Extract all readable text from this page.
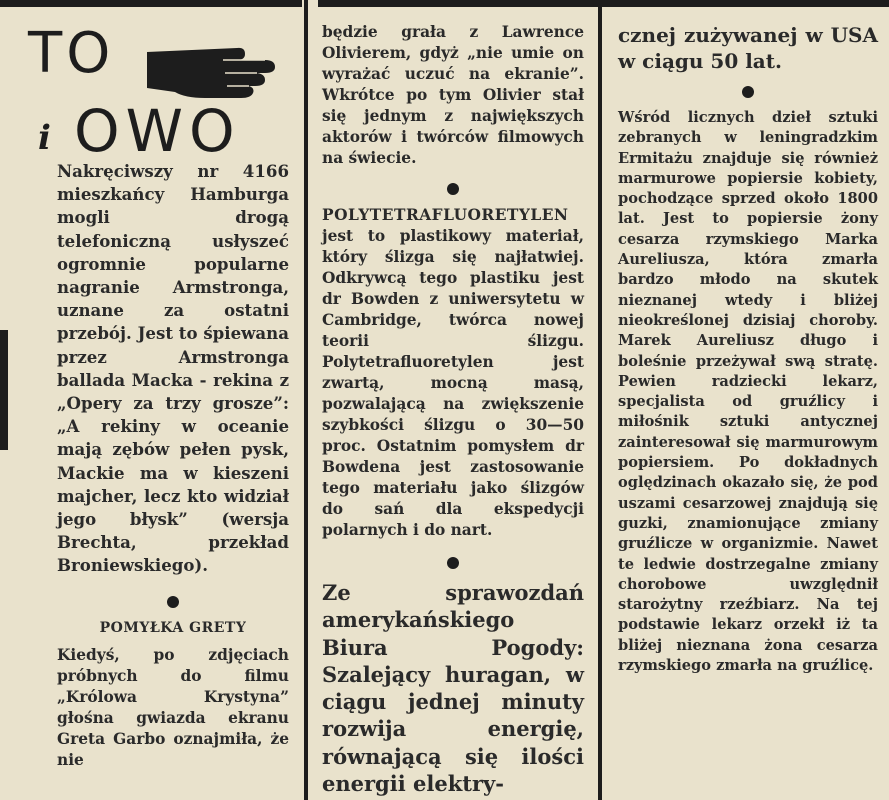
TO
i OWO

Nakręciwszy nr 4166 mieszkańcy Hamburga mogli drogą telefoniczną usłyszeć ogromnie popularne nagranie Armstronga, uznane za ostatni przebój. Jest to śpiewana przez Armstronga ballada Macka - rekina z „Opery za trzy grosze”: „A rekiny w oceanie mają zębów pełen pysk, Mackie ma w kieszeni majcher, lecz kto widział jego błysk” (wersja Brechta, przekład Broniewskiego).

POMYŁKA GRETY

Kiedyś, po zdjęciach próbnych do filmu „Królowa Krystyna” głośna gwiazda ekranu Greta Garbo oznajmiła, że nie

będzie grała z Lawrence Olivierem, gdyż „nie umie on wyrażać uczuć na ekranie”. Wkrótce po tym Olivier stał się jednym z największych aktorów i twórców filmowych na świecie.

POLYTETRAFLUORETYLEN jest to plastikowy materiał, który ślizga się najłatwiej. Odkrywcą tego plastiku jest dr Bowden z uniwersytetu w Cambridge, twórca nowej teorii ślizgu. Polytetrafluoretylen jest zwartą, mocną masą, pozwalającą na zwiększenie szybkości ślizgu o 30—50 proc. Ostatnim pomysłem dr Bowdena jest zastosowanie tego materiału jako ślizgów do sań dla ekspedycji polarnych i do nart.

Ze sprawozdań amerykańskiego Biura Pogody: Szalejący huragan, w ciągu jednej minuty rozwija energię, równającą się ilości energii elektry-

cznej zużywanej w USA w ciągu 50 lat.

Wśród licznych dzieł sztuki zebranych w leningradzkim Ermitażu znajduje się również marmurowe popiersie kobiety, pochodzące sprzed około 1800 lat. Jest to popiersie żony cesarza rzymskiego Marka Aureliusza, która zmarła bardzo młodo na skutek nieznanej wtedy i bliżej nieokreślonej dzisiaj choroby. Marek Aureliusz długo i boleśnie przeżywał swą stratę. Pewien radziecki lekarz, specjalista od gruźlicy i miłośnik sztuki antycznej zainteresował się marmurowym popiersiem. Po dokładnych oględzinach okazało się, że pod uszami cesarzowej znajdują się guzki, znamionujące zmiany gruźlicze w organizmie. Nawet te ledwie dostrzegalne zmiany chorobowe uwzględnił starożytny rzeźbiarz. Na tej podstawie lekarz orzekł iż ta bliżej nieznana żona cesarza rzymskiego zmarła na gruźlicę.
